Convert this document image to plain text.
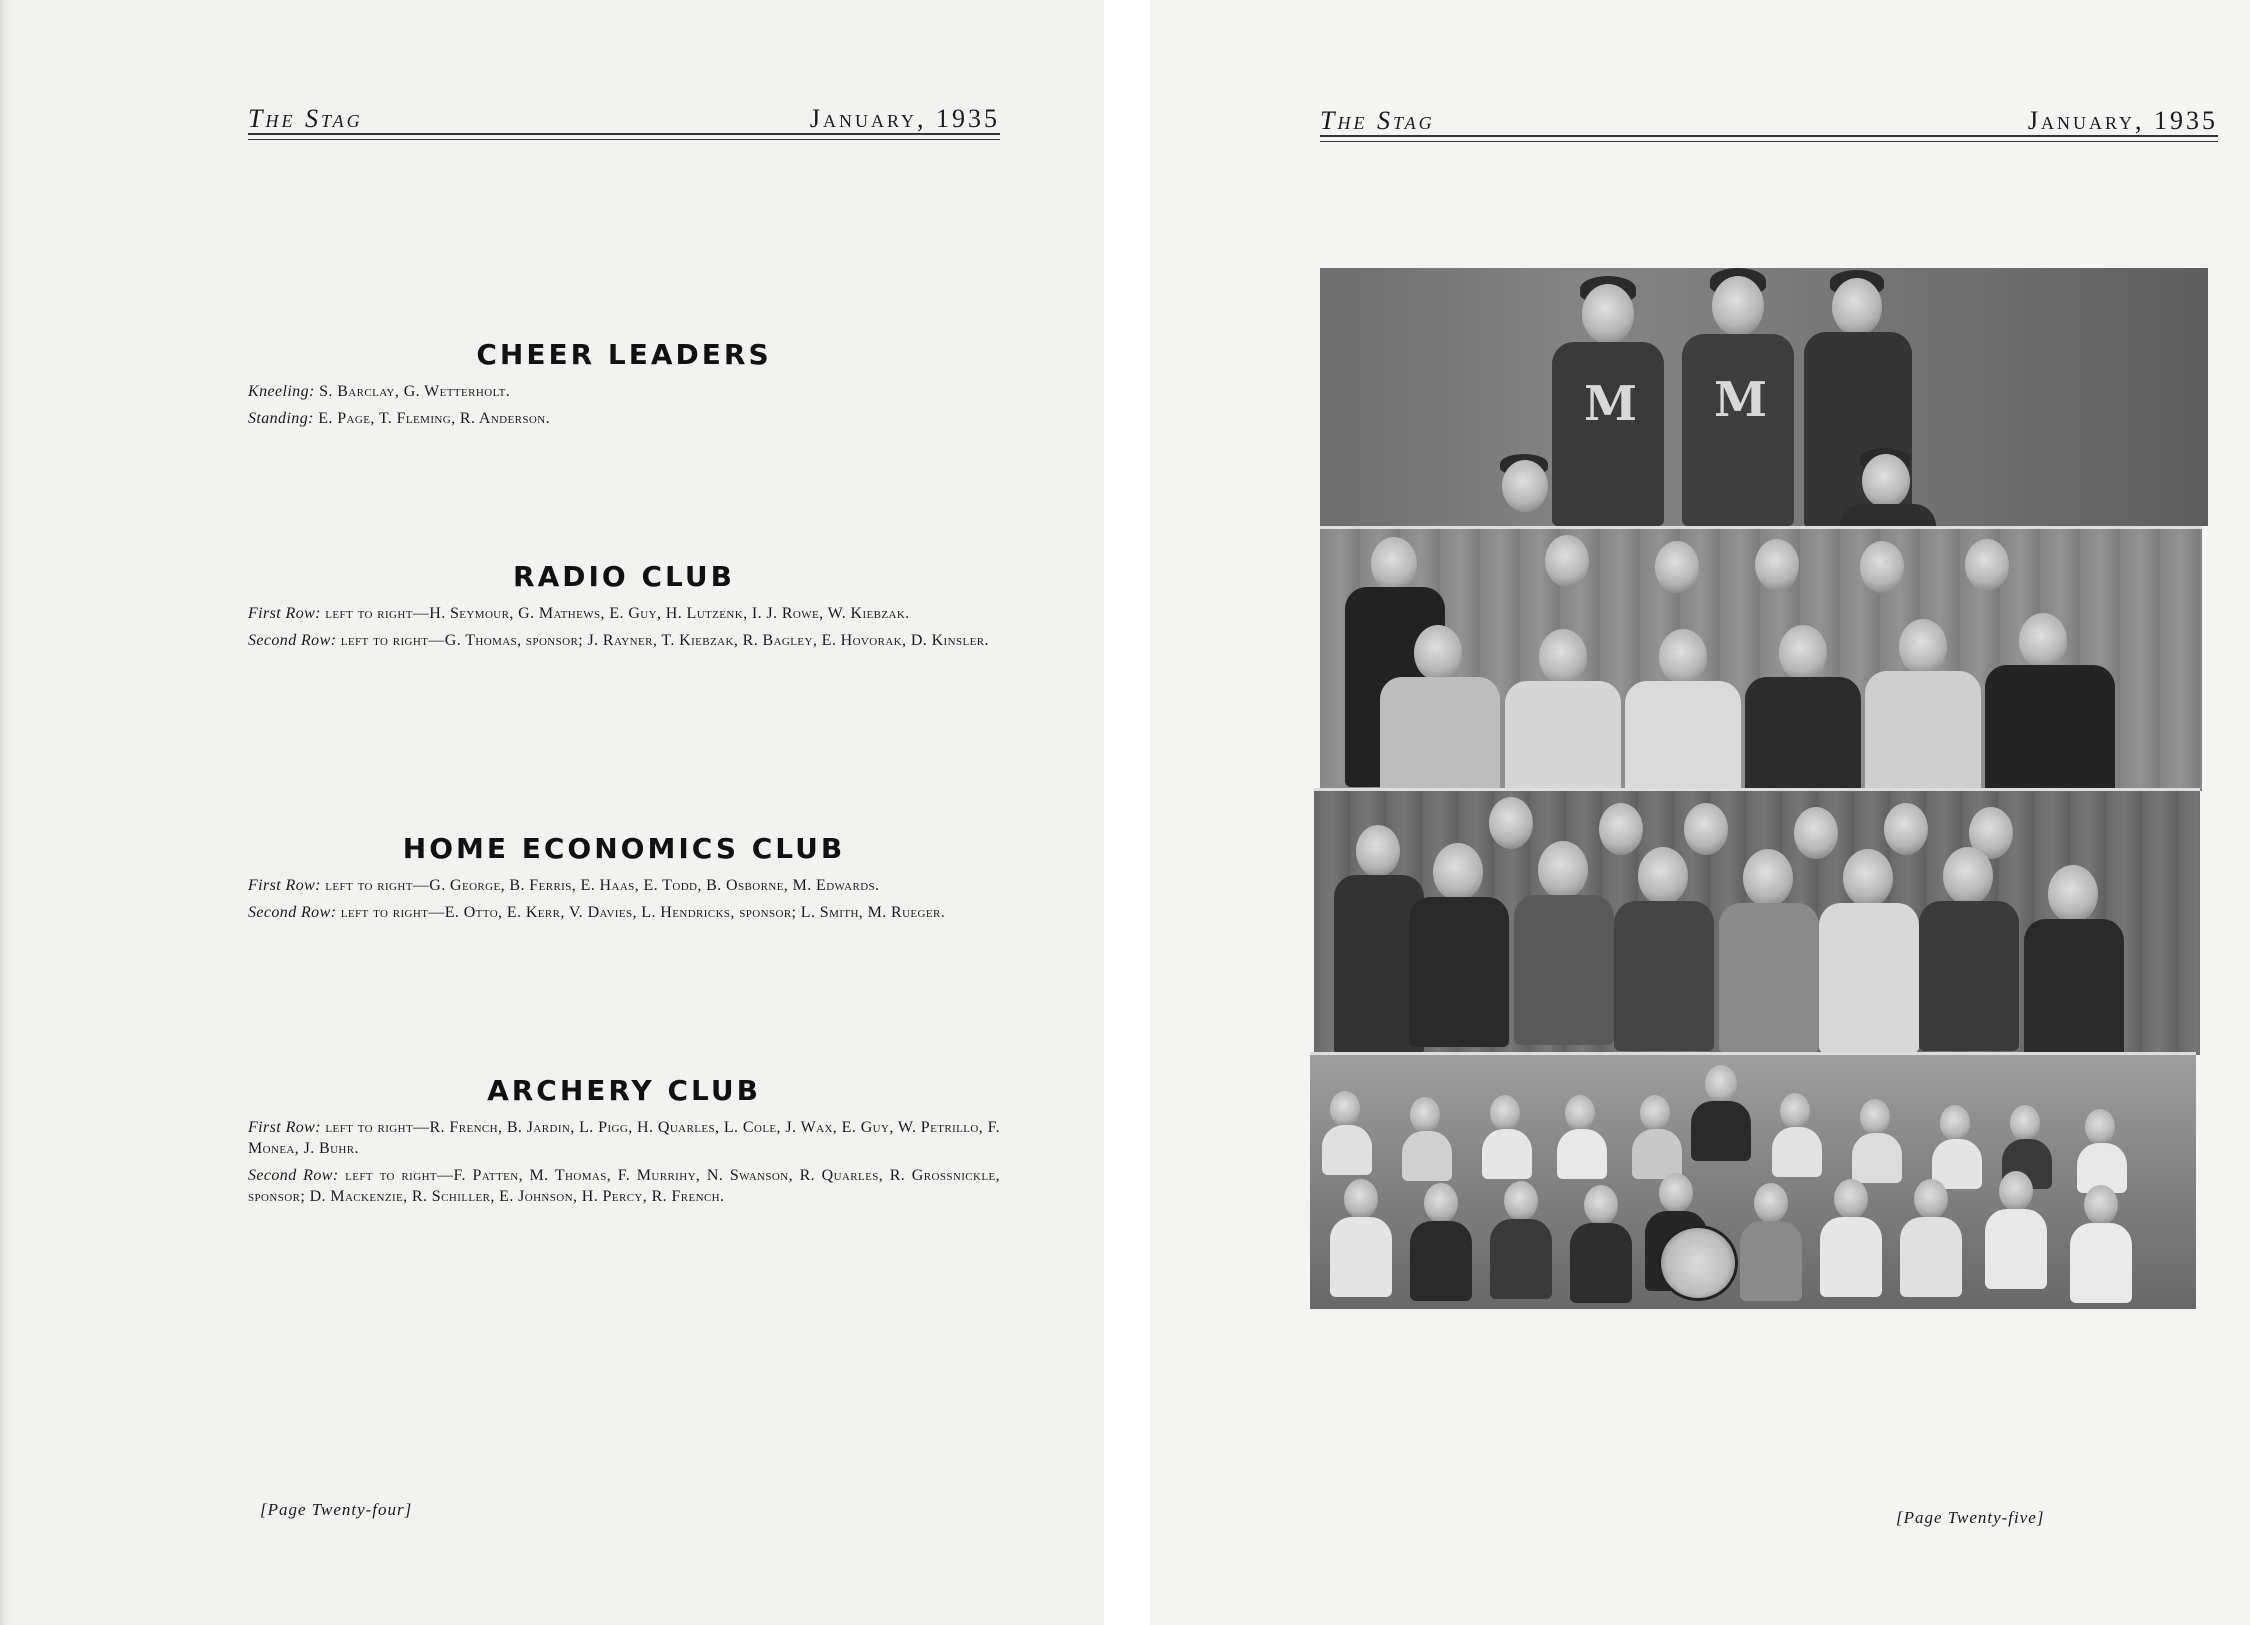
The Stag	January, 1935
CHEER LEADERS

Kneeling: S. Barclay, G. Wetterholt.

Standing: E. Page, T. Fleming, R. Anderson.

RADIO CLUB

First Row: left to right—H. Seymour, G. Mathews, E. Guy, H. Lutzenk, I. J. Rowe, W. Kiebzak.

Second Row: left to right—G. Thomas, sponsor; J. Rayner, T. Kiebzak, R. Bagley, E. Hovorak, D. Kinsler.

HOME ECONOMICS CLUB

First Row: left to right—G. George, B. Ferris, E. Haas, E. Todd, B. Osborne, M. Edwards.

Second Row: left to right—E. Otto, E. Kerr, V. Davies, L. Hendricks, sponsor; L. Smith, M. Rueger.

ARCHERY CLUB

First Row: left to right—R. French, B. Jardin, L. Pigg, H. Quarles, L. Cole, J. Wax, E. Guy, W. Petrillo, F. Monea, J. Buhr.

Second Row: left to right—F. Patten, M. Thomas, F. Murrihy, N. Swanson, R. Quarles, R. Grossnickle, sponsor; D. Mackenzie, R. Schiller, E. Johnson, H. Percy, R. French.

[Page Twenty-four]
The Stag	January, 1935
M M
[Page Twenty-five]
